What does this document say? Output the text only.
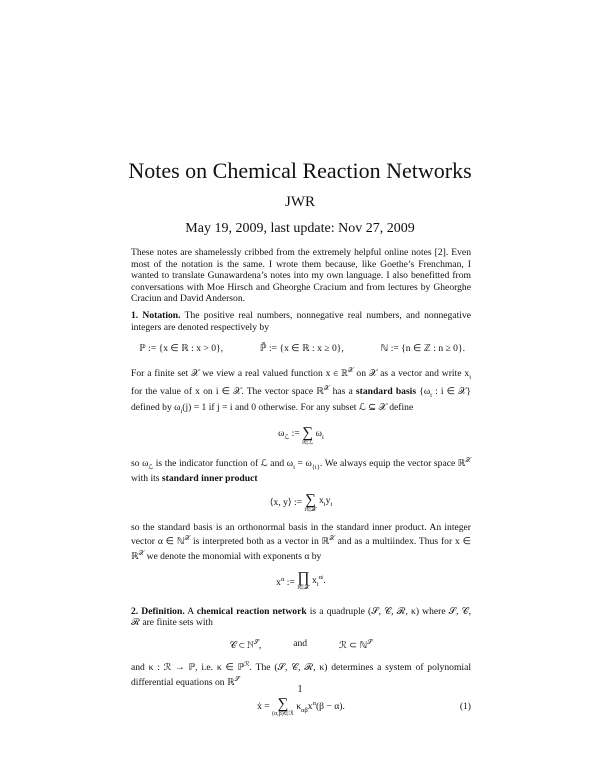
Notes on Chemical Reaction Networks
JWR
May 19, 2009, last update: Nov 27, 2009
These notes are shamelessly cribbed from the extremely helpful online notes [2]. Even most of the notation is the same. I wrote them because, like Goethe’s Frenchman, I wanted to translate Gunawardena’s notes into my own language. I also benefitted from conversations with Moe Hirsch and Gheorghe Cracium and from lectures by Gheorghe Craciun and David Anderson.
1. Notation. The positive real numbers, nonnegative real numbers, and nonnegative integers are denoted respectively by
ℙ := {x ∈ ℝ : x > 0},	ℙ̄ := {x ∈ ℝ : x ≥ 0},	ℕ := {n ∈ ℤ : n ≥ 0}.
For a finite set 𝒳 we view a real valued function x ∈ ℝ$^𝒳$ on 𝒳 as a vector and write $x_i$ for the value of x on i ∈ 𝒳. The vector space ℝ$^𝒳$ has a standard basis {$\omega_i$ : i ∈ 𝒳} defined by $\omega_i(j) = 1$ if j = i and 0 otherwise. For any subset ℒ ⊆ 𝒳 define
$\omega_ℒ$ := ∑
i∈ℒ
$\omega_i$
so $\omega_ℒ$ is the indicator function of ℒ and $\omega_i = \omega_{\{i\}}$. We always equip the vector space ℝ$^𝒳$ with its standard inner product
⟨x, y⟩ := ∑
i∈𝒳
$x_iy_i$
so the standard basis is an orthonormal basis in the standard inner product. An integer vector α ∈ ℕ$^𝒳$ is interpreted both as a vector in ℝ$^𝒳$ and as a multiindex. Thus for x ∈ ℝ$^𝒳$ we denote the monomial with exponents α by
$x^\alpha$ := ∏
i∈𝒳
$x_i^{\alpha i}$.
2. Definition. A chemical reaction network is a quadruple (𝒮, 𝒞, ℛ, κ) where 𝒮, 𝒞, ℛ are finite sets with
𝒞 ⊂ ℕ$^𝒮$,	and	ℛ ⊂ ℕ$^𝒮$
and κ : ℛ → ℙ, i.e. κ ∈ ℙ$^ℛ$. The (𝒮, 𝒞, ℛ, κ) determines a system of polynomial differential equations on ℝ$^𝒮$
ẋ = ∑
(α,β)∈ℛ
$\kappa_{\alpha\beta}x^\alpha(\beta - \alpha)$.	(1)
1
